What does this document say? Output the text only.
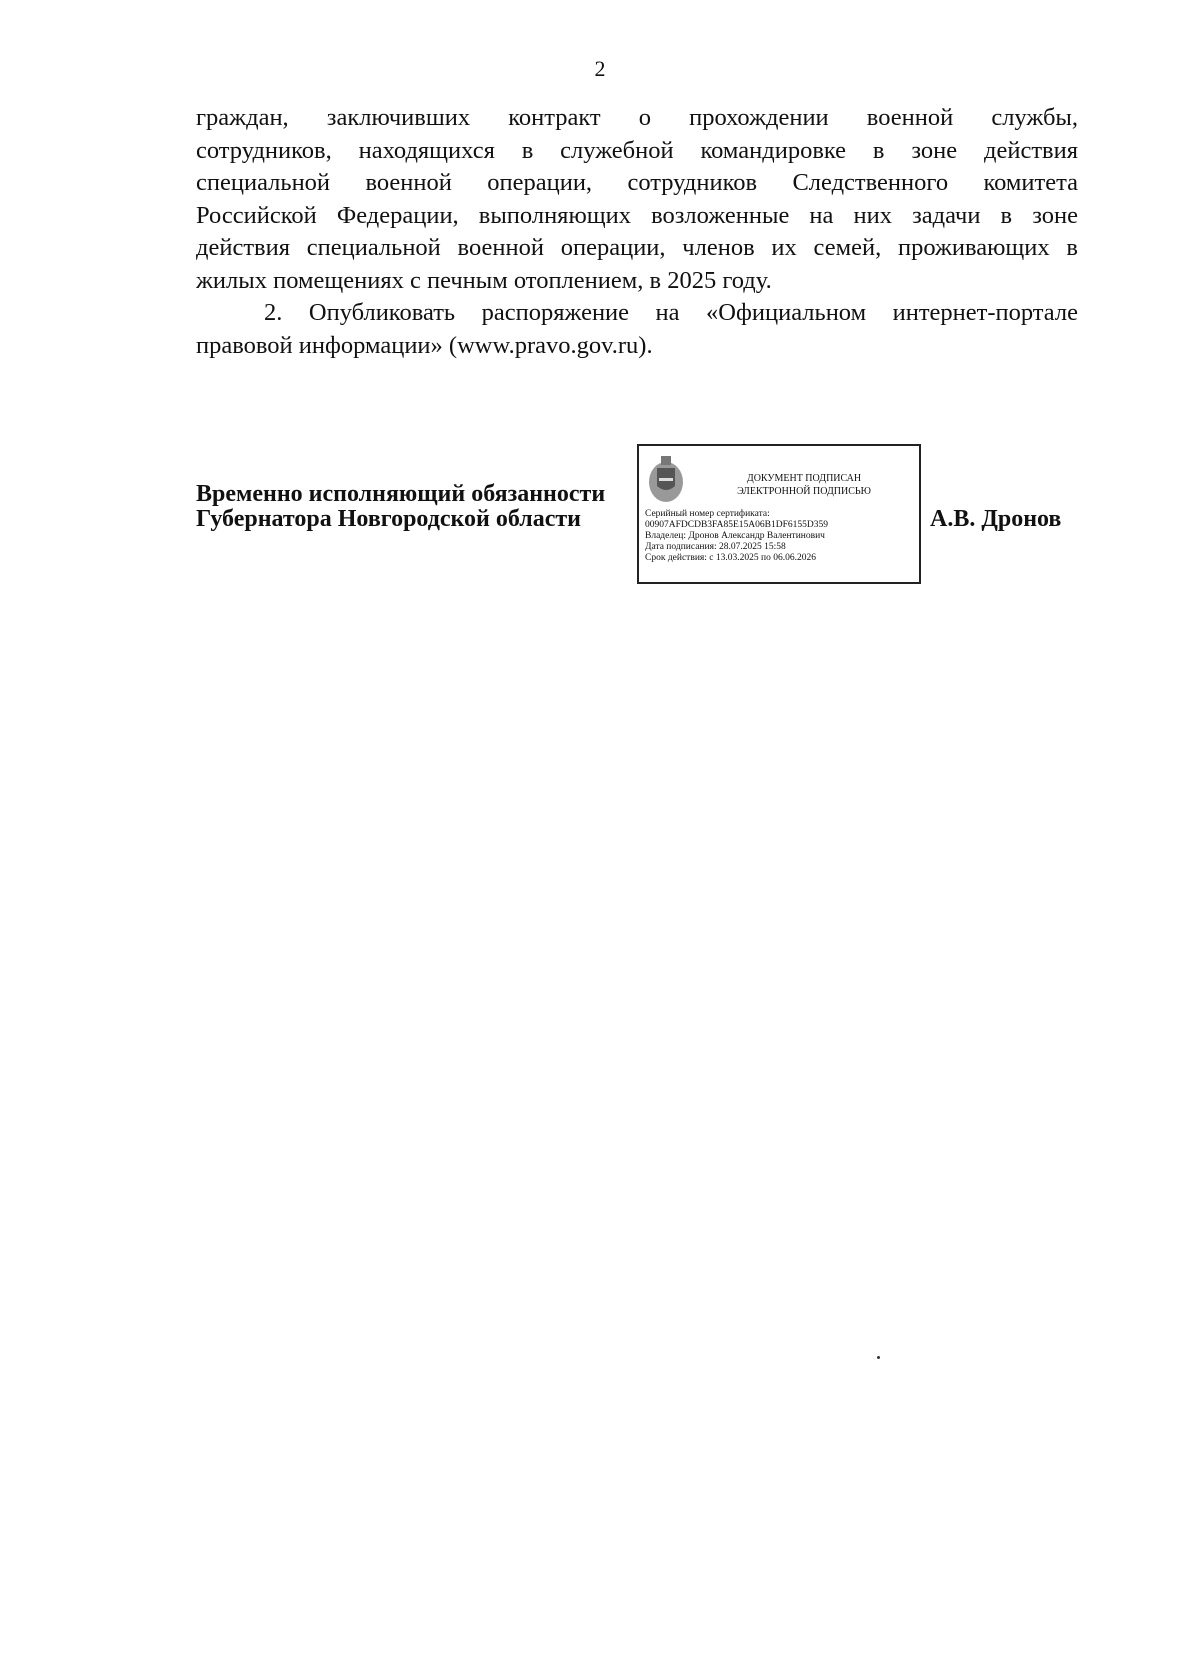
2
граждан, заключивших контракт о прохождении военной службы,
сотрудников, находящихся в служебной командировке в зоне действия
специальной военной операции, сотрудников Следственного комитета
Российской Федерации, выполняющих возложенные на них задачи в зоне
действия специальной военной операции, членов их семей, проживающих в
жилых помещениях с печным отоплением, в 2025 году.
2. Опубликовать распоряжение на «Официальном интернет-портале
правовой информации» (www.pravo.gov.ru).
Временно исполняющий обязанности
Губернатора Новгородской области	А.В. Дронов
ДОКУМЕНТ ПОДПИСАН
ЭЛЕКТРОННОЙ ПОДПИСЬЮ
Серийный номер сертификата:
00907AFDCDB3FA85E15A06B1DF6155D359
Владелец: Дронов Александр Валентинович
Дата подписания: 28.07.2025 15:58
Срок действия: с 13.03.2025 по 06.06.2026
